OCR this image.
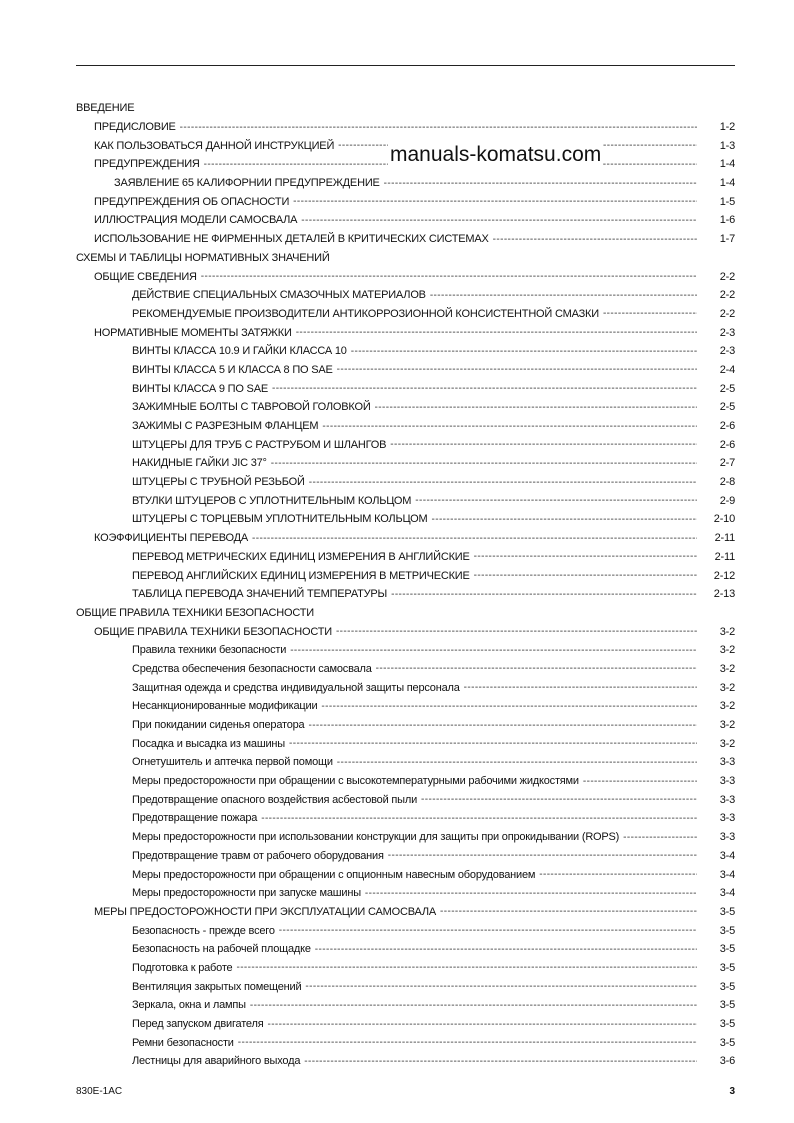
ВВЕДЕНИЕ
ПРЕДИСЛОВИЕ -----	1-2
КАК ПОЛЬЗОВАТЬСЯ ДАННОЙ ИНСТРУКЦИЕЙ -----	1-3
ПРЕДУПРЕЖДЕНИЯ -----	1-4
ЗАЯВЛЕНИЕ 65 КАЛИФОРНИИ ПРЕДУПРЕЖДЕНИЕ -----	1-4
ПРЕДУПРЕЖДЕНИЯ ОБ ОПАСНОСТИ -----	1-5
ИЛЛЮСТРАЦИЯ МОДЕЛИ САМОСВАЛА -----	1-6
ИСПОЛЬЗОВАНИЕ НЕ ФИРМЕННЫХ ДЕТАЛЕЙ В КРИТИЧЕСКИХ СИСТЕМАХ -----	1-7
СХЕМЫ И ТАБЛИЦЫ НОРМАТИВНЫХ ЗНАЧЕНИЙ
ОБЩИЕ СВЕДЕНИЯ -----	2-2
ДЕЙСТВИЕ СПЕЦИАЛЬНЫХ СМАЗОЧНЫХ МАТЕРИАЛОВ -----	2-2
РЕКОМЕНДУЕМЫЕ ПРОИЗВОДИТЕЛИ АНТИКОРРОЗИОННОЙ КОНСИСТЕНТНОЙ СМАЗКИ -----	2-2
НОРМАТИВНЫЕ МОМЕНТЫ ЗАТЯЖКИ -----	2-3
ВИНТЫ КЛАССА 10.9 И ГАЙКИ КЛАССА 10 -----	2-3
ВИНТЫ КЛАССА 5 И КЛАССА 8 ПО SAE -----	2-4
ВИНТЫ КЛАССА 9 ПО SAE -----	2-5
ЗАЖИМНЫЕ БОЛТЫ С ТАВРОВОЙ ГОЛОВКОЙ -----	2-5
ЗАЖИМЫ С РАЗРЕЗНЫМ ФЛАНЦЕМ -----	2-6
ШТУЦЕРЫ ДЛЯ ТРУБ С РАСТРУБОМ И ШЛАНГОВ -----	2-6
НАКИДНЫЕ ГАЙКИ JIC 37° -----	2-7
ШТУЦЕРЫ С ТРУБНОЙ РЕЗЬБОЙ -----	2-8
ВТУЛКИ ШТУЦЕРОВ С УПЛОТНИТЕЛЬНЫМ КОЛЬЦОМ -----	2-9
ШТУЦЕРЫ С ТОРЦЕВЫМ УПЛОТНИТЕЛЬНЫМ КОЛЬЦОМ -----	2-10
КОЭФФИЦИЕНТЫ ПЕРЕВОДА -----	2-11
ПЕРЕВОД МЕТРИЧЕСКИХ ЕДИНИЦ ИЗМЕРЕНИЯ В АНГЛИЙСКИЕ -----	2-11
ПЕРЕВОД АНГЛИЙСКИХ ЕДИНИЦ ИЗМЕРЕНИЯ В МЕТРИЧЕСКИЕ -----	2-12
ТАБЛИЦА ПЕРЕВОДА ЗНАЧЕНИЙ ТЕМПЕРАТУРЫ -----	2-13
ОБЩИЕ ПРАВИЛА ТЕХНИКИ БЕЗОПАСНОСТИ
ОБЩИЕ ПРАВИЛА ТЕХНИКИ БЕЗОПАСНОСТИ -----	3-2
Правила техники безопасности -----	3-2
Средства обеспечения безопасности самосвала -----	3-2
Защитная одежда и средства индивидуальной защиты персонала -----	3-2
Несанкционированные модификации -----	3-2
При покидании сиденья оператора -----	3-2
Посадка и высадка из машины -----	3-2
Огнетушитель и аптечка первой помощи -----	3-3
Меры предосторожности при обращении с высокотемпературными рабочими жидкостями -----	3-3
Предотвращение опасного воздействия асбестовой пыли -----	3-3
Предотвращение пожара -----	3-3
Меры предосторожности при использовании конструкции для защиты при опрокидывании (ROPS) -----	3-3
Предотвращение травм от рабочего оборудования -----	3-4
Меры предосторожности при обращении с опционным навесным оборудованием -----	3-4
Меры предосторожности при запуске машины -----	3-4
МЕРЫ ПРЕДОСТОРОЖНОСТИ ПРИ ЭКСПЛУАТАЦИИ САМОСВАЛА -----	3-5
Безопасность - прежде всего -----	3-5
Безопасность на рабочей площадке -----	3-5
Подготовка к работе -----	3-5
Вентиляция закрытых помещений -----	3-5
Зеркала, окна и лампы -----	3-5
Перед запуском двигателя -----	3-5
Ремни безопасности -----	3-5
Лестницы для аварийного выхода -----	3-6
manuals-komatsu.com
830E-1AC	3
